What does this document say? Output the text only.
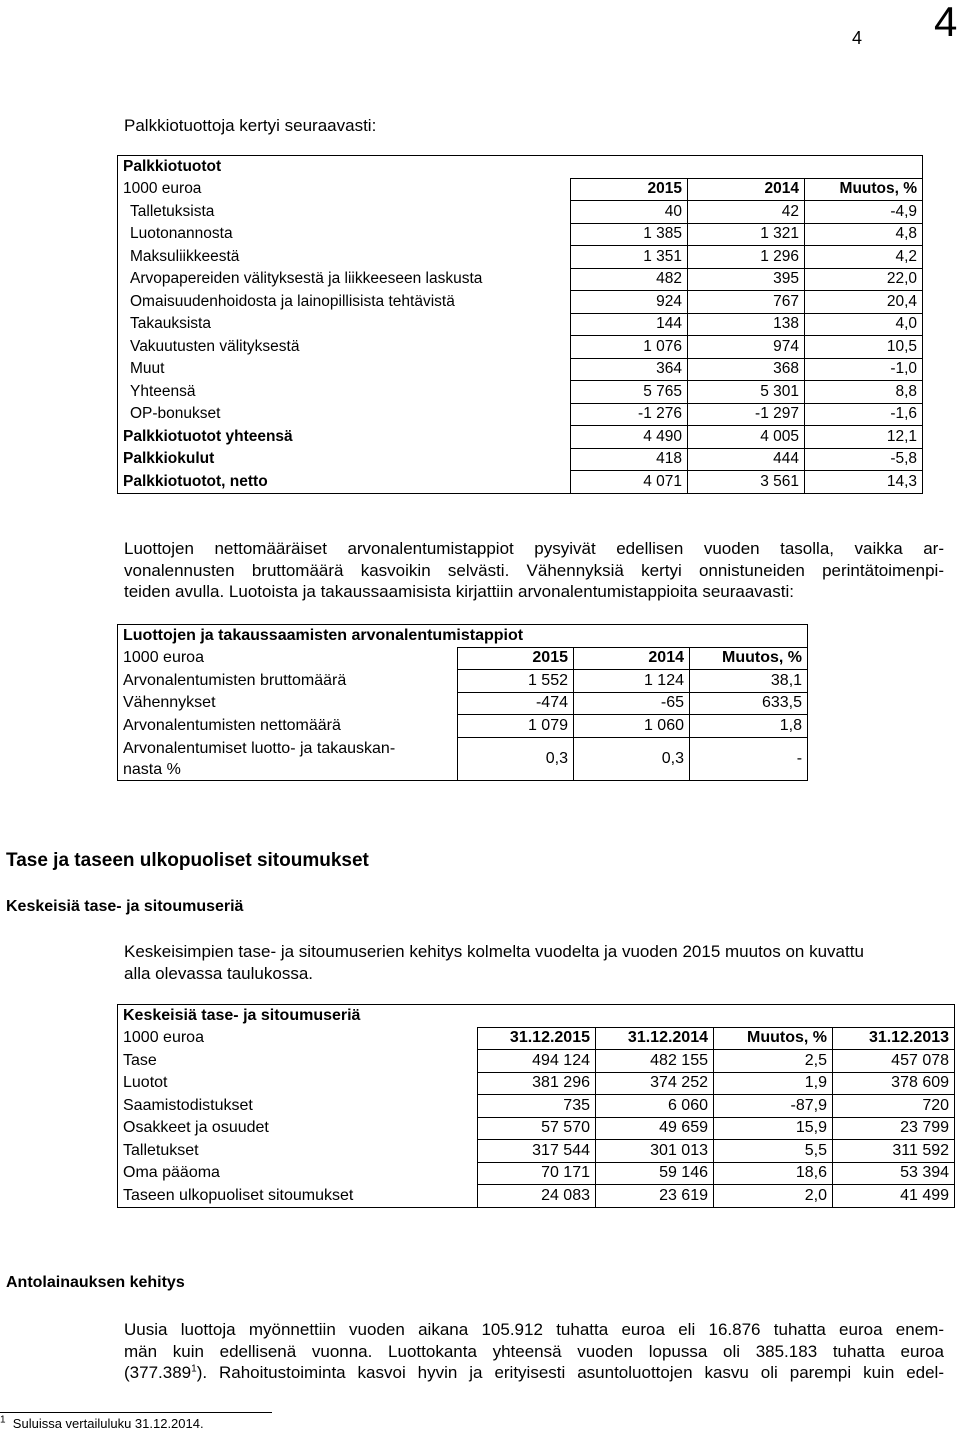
4 4
Palkkiotuottoja kertyi seuraavasti:
Palkkiotuotot			
1000 euroa	2015	2014	Muutos, %
Talletuksista	40	42	-4,9
Luotonannosta	1 385	1 321	4,8
Maksuliikkeestä	1 351	1 296	4,2
Arvopapereiden välityksestä ja liikkeeseen laskusta	482	395	22,0
Omaisuudenhoidosta ja lainopillisista tehtävistä	924	767	20,4
Takauksista	144	138	4,0
Vakuutusten välityksestä	1 076	974	10,5
Muut	364	368	-1,0
Yhteensä	5 765	5 301	8,8
OP-bonukset	-1 276	-1 297	-1,6
Palkkiotuotot yhteensä	4 490	4 005	12,1
Palkkiokulut	418	444	-5,8
Palkkiotuotot, netto	4 071	3 561	14,3

Luottojen nettomääräiset arvonalentumistappiot pysyivät edellisen vuoden tasolla, vaikka ar-

vonalennusten bruttomäärä kasvoikin selvästi. Vähennyksiä kertyi onnistuneiden perintätoimenpi-

teiden avulla. Luotoista ja takaussaamisista kirjattiin arvonalentumistappioita seuraavasti:

Luottojen ja takaussaamisten arvonalentumistappiot			
1000 euroa	2015	2014	Muutos, %
Arvonalentumisten bruttomäärä	1 552	1 124	38,1
Vähennykset	-474	-65	633,5
Arvonalentumisten nettomäärä	1 079	1 060	1,8
Arvonalentumiset luotto- ja takauskan-
nasta %	0,3	0,3	-
Tase ja taseen ulkopuoliset sitoumukset
Keskeisiä tase- ja sitoumuseriä

Keskeisimpien tase- ja sitoumuserien kehitys kolmelta vuodelta ja vuoden 2015 muutos on kuvattu

alla olevassa taulukossa.

Keskeisiä tase- ja sitoumuseriä				
1000 euroa	31.12.2015	31.12.2014	Muutos, %	31.12.2013
Tase	494 124	482 155	2,5	457 078
Luotot	381 296	374 252	1,9	378 609
Saamistodistukset	735	6 060	-87,9	720
Osakkeet ja osuudet	57 570	49 659	15,9	23 799
Talletukset	317 544	301 013	5,5	311 592
Oma pääoma	70 171	59 146	18,6	53 394
Taseen ulkopuoliset sitoumukset	24 083	23 619	2,0	41 499
Antolainauksen kehitys

Uusia luottoja myönnettiin vuoden aikana 105.912 tuhatta euroa eli 16.876 tuhatta euroa enem-

män kuin edellisenä vuonna. Luottokanta yhteensä vuoden lopussa oli 385.183 tuhatta euroa

(377.389$^1$). Rahoitustoiminta kasvoi hyvin ja erityisesti asuntoluottojen kasvu oli parempi kuin edel-

$^1$ Suluissa vertailuluku 31.12.2014.
